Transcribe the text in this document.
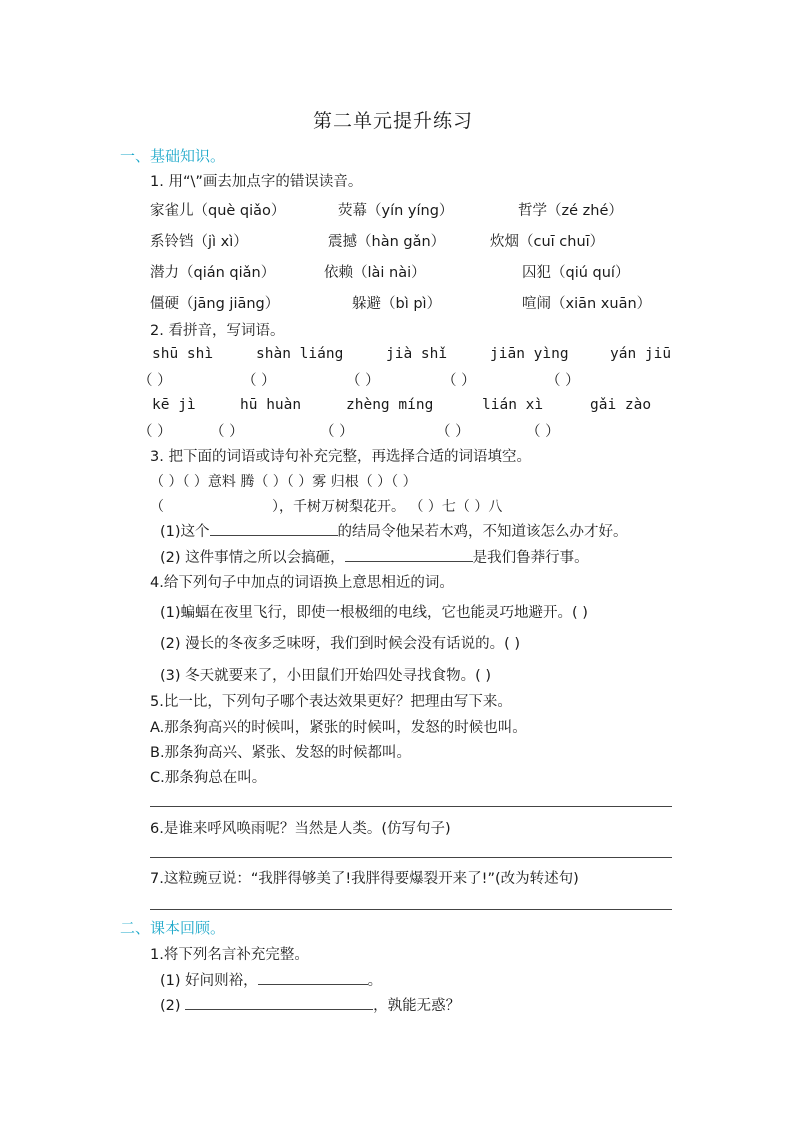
第二单元提升练习
一、基础知识。
1. 用“\”画去加点字的错误读音。
家雀儿（què qiǎo）	荧幕（yín yíng）	哲学（zé zhé）
系铃铛（jì xì）	震撼（hàn gǎn）	炊烟（cuī chuī）
潜力（qián qiǎn）	依赖（lài nài）	囚犯（qiú quí）
僵硬（jāng jiāng）	躲避（bì pì）	喧闹（xiān xuān）
2. 看拼音，写词语。
shū shì	shàn liáng	jià shǐ	jiān yìng	yán jiū
（ ）	（ ）	（ ）	（ ）	（ ）
kē jì	hū huàn	zhèng míng	lián xì	gǎi zào
（ ）	（ ）	（ ）	（ ）	（ ）
3. 把下面的词语或诗句补充完整，再选择合适的词语填空。
（ ）（ ）意料 腾（ ）（ ）雾 归根（ ）（ ）
（	），千树万树梨花开。 （ ）七（ ）八
(1)这个	的结局令他呆若木鸡，不知道该怎么办才好。
(2) 这件事情之所以会搞砸，	是我们鲁莽行事。
4.给下列句子中加点的词语换上意思相近的词。
(1)蝙蝠在夜里飞行，即使一根极细的电线，它也能灵巧地避开。( )
(2) 漫长的冬夜多乏味呀，我们到时候会没有话说的。( )
(3) 冬天就要来了，小田鼠们开始四处寻找食物。( )
5.比一比，下列句子哪个表达效果更好？把理由写下来。
A.那条狗高兴的时候叫，紧张的时候叫，发怒的时候也叫。
B.那条狗高兴、紧张、发怒的时候都叫。
C.那条狗总在叫。
6.是谁来呼风唤雨呢？当然是人类。(仿写句子)
7.这粒豌豆说：“我胖得够美了!我胖得要爆裂开来了!”(改为转述句)
二、课本回顾。
1.将下列名言补充完整。
(1) 好问则裕，	。
(2)	，孰能无惑？
